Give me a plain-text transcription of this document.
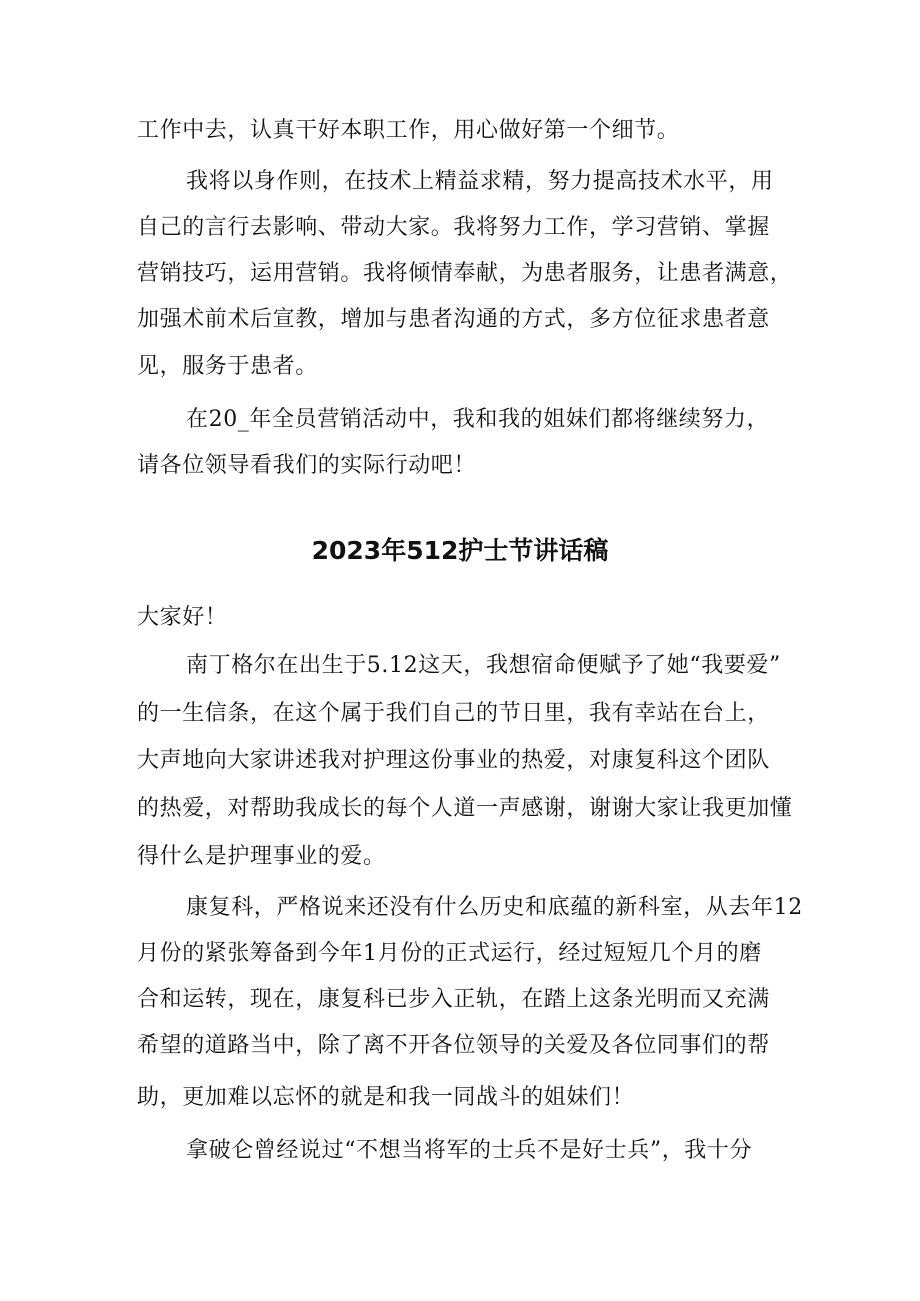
工作中去，认真干好本职工作，用心做好第一个细节。
我将以身作则，在技术上精益求精，努力提高技术水平，用
自己的言行去影响、带动大家。我将努力工作，学习营销、掌握
营销技巧，运用营销。我将倾情奉献，为患者服务，让患者满意，
加强术前术后宣教，增加与患者沟通的方式，多方位征求患者意
见，服务于患者。
在20_年全员营销活动中，我和我的姐妹们都将继续努力，
请各位领导看我们的实际行动吧！
2023年512护士节讲话稿
大家好！
南丁格尔在出生于5.12这天，我想宿命便赋予了她“我要爱”
的一生信条，在这个属于我们自己的节日里，我有幸站在台上，
大声地向大家讲述我对护理这份事业的热爱，对康复科这个团队
的热爱，对帮助我成长的每个人道一声感谢，谢谢大家让我更加懂
得什么是护理事业的爱。
康复科，严格说来还没有什么历史和底蕴的新科室，从去年12
月份的紧张筹备到今年1月份的正式运行，经过短短几个月的磨
合和运转，现在，康复科已步入正轨，在踏上这条光明而又充满
希望的道路当中，除了离不开各位领导的关爱及各位同事们的帮
助，更加难以忘怀的就是和我一同战斗的姐妹们！
拿破仑曾经说过“不想当将军的士兵不是好士兵”，我十分
